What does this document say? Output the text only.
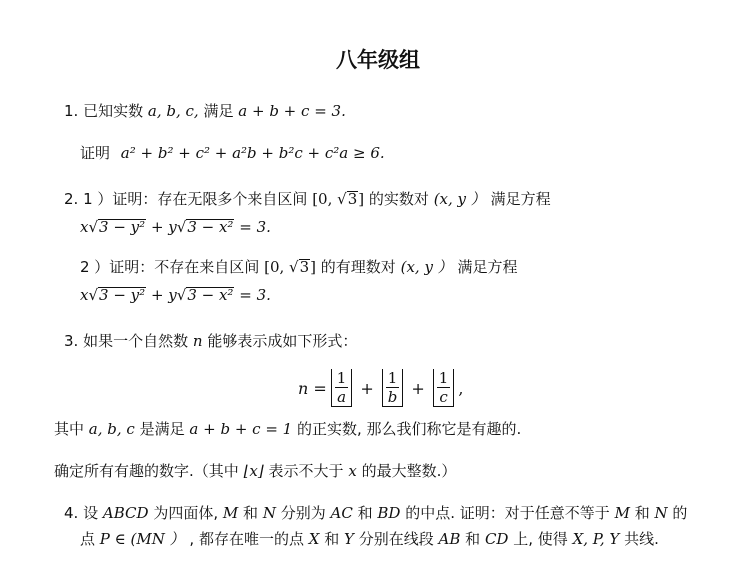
八年级组
1. 已知实数 a, b, c, 满足 a + b + c = 3.
证明 a² + b² + c² + a²b + b²c + c²a ≥ 6.
2. 1 ）证明：存在无限多个来自区间 [0, √3] 的实数对 (x, y ） 满足方程
x√3 − y² + y√3 − x² = 3.
2 ）证明：不存在来自区间 [0, √3] 的有理数对 (x, y ） 满足方程
x√3 − y² + y√3 − x² = 3.
3. 如果一个自然数 n 能够表示成如下形式：
$n = \frac{1}{a} + \frac{1}{b} + \frac{1}{c}$ ,
其中 a, b, c 是满足 a + b + c = 1 的正实数, 那么我们称它是有趣的.
确定所有有趣的数字.（其中 ⌊x⌋ 表示不大于 x 的最大整数.）
4. 设 ABCD 为四面体, M 和 N 分别为 AC 和 BD 的中点. 证明：对于任意不等于 M 和 N 的
点 P ∈ (MN ） , 都存在唯一的点 X 和 Y 分别在线段 AB 和 CD 上, 使得 X, P, Y 共线.
